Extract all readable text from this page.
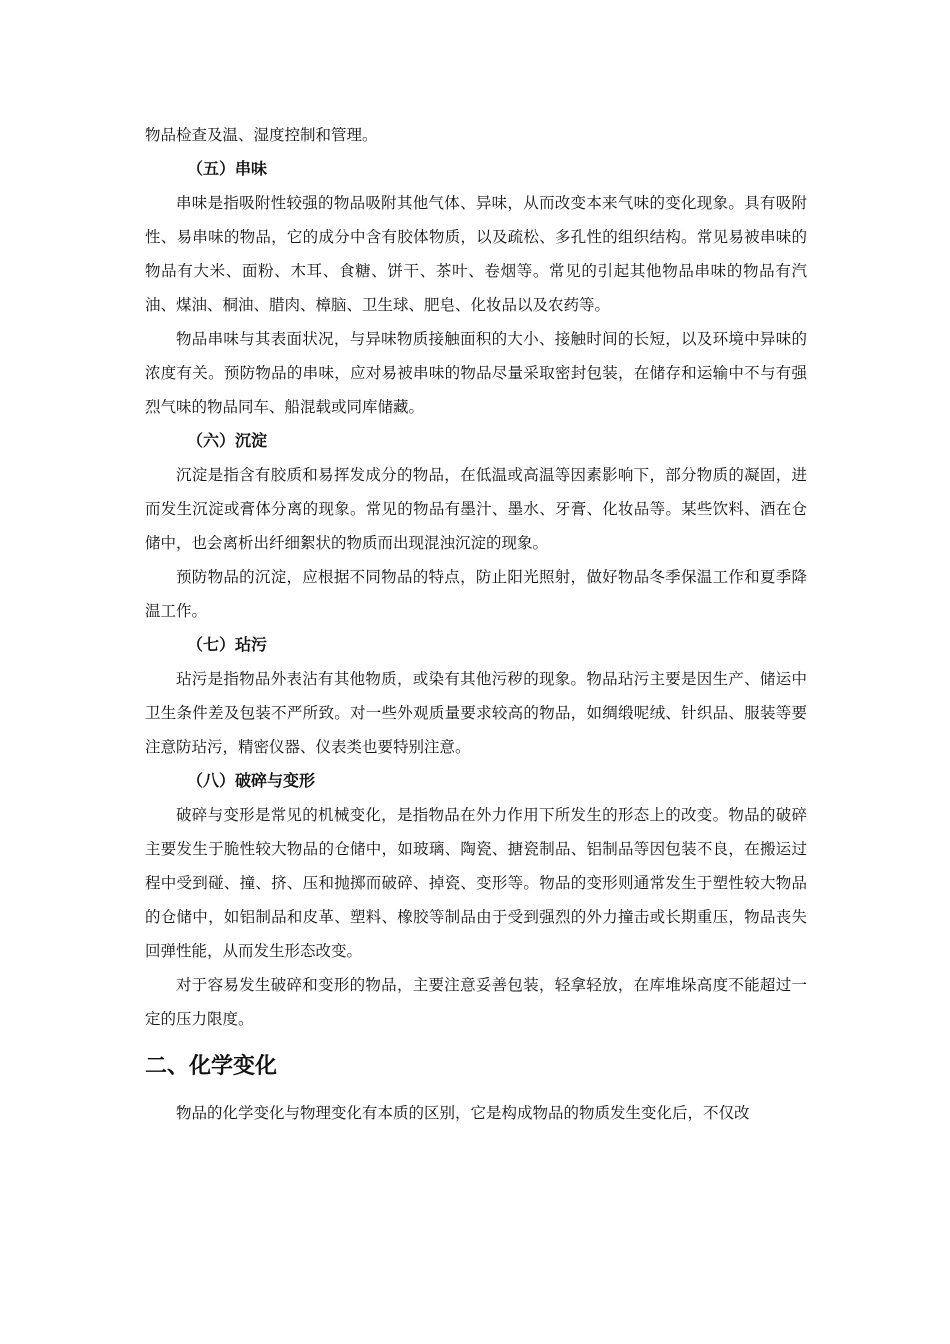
物品检查及温、湿度控制和管理。

（五）串味

串味是指吸附性较强的物品吸附其他气体、异味，从而改变本来气味的变化现象。具有吸附性、易串味的物品，它的成分中含有胶体物质，以及疏松、多孔性的组织结构。常见易被串味的物品有大米、面粉、木耳、食糖、饼干、茶叶、卷烟等。常见的引起其他物品串味的物品有汽油、煤油、桐油、腊肉、樟脑、卫生球、肥皂、化妆品以及农药等。

物品串味与其表面状况，与异味物质接触面积的大小、接触时间的长短，以及环境中异味的浓度有关。预防物品的串味，应对易被串味的物品尽量采取密封包装，在储存和运输中不与有强烈气味的物品同车、船混载或同库储藏。

（六）沉淀

沉淀是指含有胶质和易挥发成分的物品，在低温或高温等因素影响下，部分物质的凝固，进而发生沉淀或膏体分离的现象。常见的物品有墨汁、墨水、牙膏、化妆品等。某些饮料、酒在仓储中，也会离析出纤细絮状的物质而出现混浊沉淀的现象。

预防物品的沉淀，应根据不同物品的特点，防止阳光照射，做好物品冬季保温工作和夏季降温工作。

（七）玷污

玷污是指物品外表沾有其他物质，或染有其他污秽的现象。物品玷污主要是因生产、储运中卫生条件差及包装不严所致。对一些外观质量要求较高的物品，如绸缎呢绒、针织品、服装等要注意防玷污，精密仪器、仪表类也要特别注意。

（八）破碎与变形

破碎与变形是常见的机械变化，是指物品在外力作用下所发生的形态上的改变。物品的破碎主要发生于脆性较大物品的仓储中，如玻璃、陶瓷、搪瓷制品、铝制品等因包装不良，在搬运过程中受到碰、撞、挤、压和抛掷而破碎、掉瓷、变形等。物品的变形则通常发生于塑性较大物品的仓储中，如铝制品和皮革、塑料、橡胶等制品由于受到强烈的外力撞击或长期重压，物品丧失回弹性能，从而发生形态改变。

对于容易发生破碎和变形的物品，主要注意妥善包装，轻拿轻放，在库堆垛高度不能超过一定的压力限度。

二、化学变化

物品的化学变化与物理变化有本质的区别，它是构成物品的物质发生变化后，不仅改
